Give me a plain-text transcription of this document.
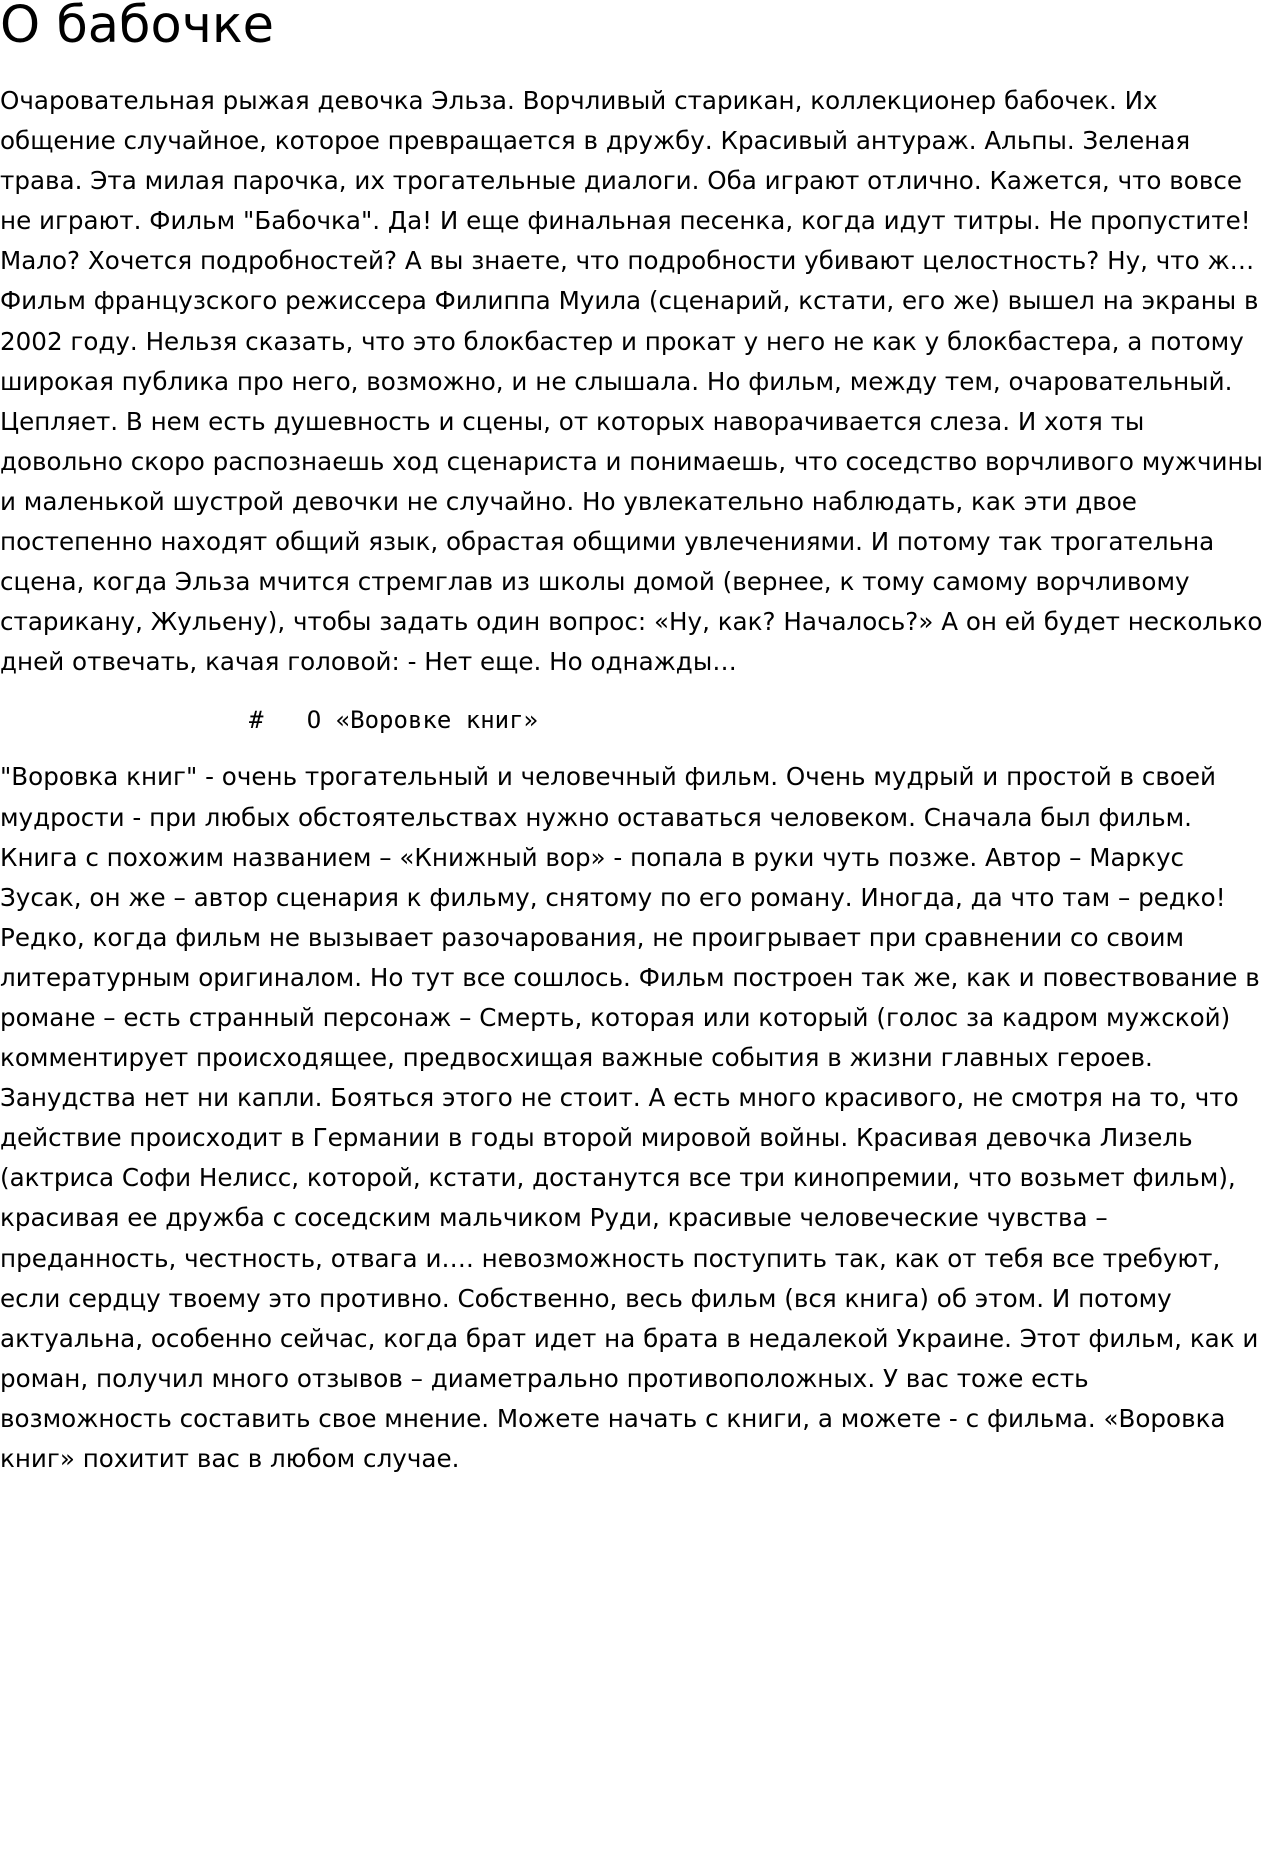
О бабочке

Очаровательная рыжая девочка Эльза. Ворчливый старикан, коллекционер бабочек. Их общение случайное, которое превращается в дружбу. Красивый антураж. Альпы. Зеленая трава. Эта милая парочка, их трогательные диалоги. Оба играют отлично. Кажется, что вовсе не играют. Фильм "Бабочка". Да! И еще финальная песенка, когда идут титры. Не пропустите! Мало? Хочется подробностей? А вы знаете, что подробности убивают целостность? Ну, что ж… Фильм французского режиссера Филиппа Муила (сценарий, кстати, его же) вышел на экраны в 2002 году. Нельзя сказать, что это блокбастер и прокат у него не как у блокбастера, а потому широкая публика про него, возможно, и не слышала. Но фильм, между тем, очаровательный. Цепляет. В нем есть душевность и сцены, от которых наворачивается слеза. И хотя ты довольно скоро распознаешь ход сценариста и понимаешь, что соседство ворчливого мужчины и маленькой шустрой девочки не случайно. Но увлекательно наблюдать, как эти двое постепенно находят общий язык, обрастая общими увлечениями. И потому так трогательна сцена, когда Эльза мчится стремглав из школы домой (вернее, к тому самому ворчливому старикану, Жульену), чтобы задать один вопрос: «Ну, как? Началось?» А он ей будет несколько дней отвечать, качая головой: - Нет еще. Но однажды…

#   О «Воровке книг»

"Воровка книг" - очень трогательный и человечный фильм. Очень мудрый и простой в своей мудрости - при любых обстоятельствах нужно оставаться человеком. Сначала был фильм. Книга с похожим названием – «Книжный вор» - попала в руки чуть позже. Автор – Маркус Зусак, он же – автор сценария к фильму, снятому по его роману. Иногда, да что там – редко! Редко, когда фильм не вызывает разочарования, не проигрывает при сравнении со своим литературным оригиналом. Но тут все сошлось. Фильм построен так же, как и повествование в романе – есть странный персонаж – Смерть, которая или который (голос за кадром мужской) комментирует происходящее, предвосхищая важные события в жизни главных героев. Занудства нет ни капли. Бояться этого не стоит. А есть много красивого, не смотря на то, что действие происходит в Германии в годы второй мировой войны. Красивая девочка Лизель (актриса Софи Нелисс, которой, кстати, достанутся все три кинопремии, что возьмет фильм), красивая ее дружба с соседским мальчиком Руди, красивые человеческие чувства – преданность, честность, отвага и…. невозможность поступить так, как от тебя все требуют, если сердцу твоему это противно. Собственно, весь фильм (вся книга) об этом. И потому актуальна, особенно сейчас, когда брат идет на брата в недалекой Украине. Этот фильм, как и роман, получил много отзывов – диаметрально противоположных. У вас тоже есть возможность составить свое мнение. Можете начать с книги, а можете - с фильма. «Воровка книг» похитит вас в любом случае.
